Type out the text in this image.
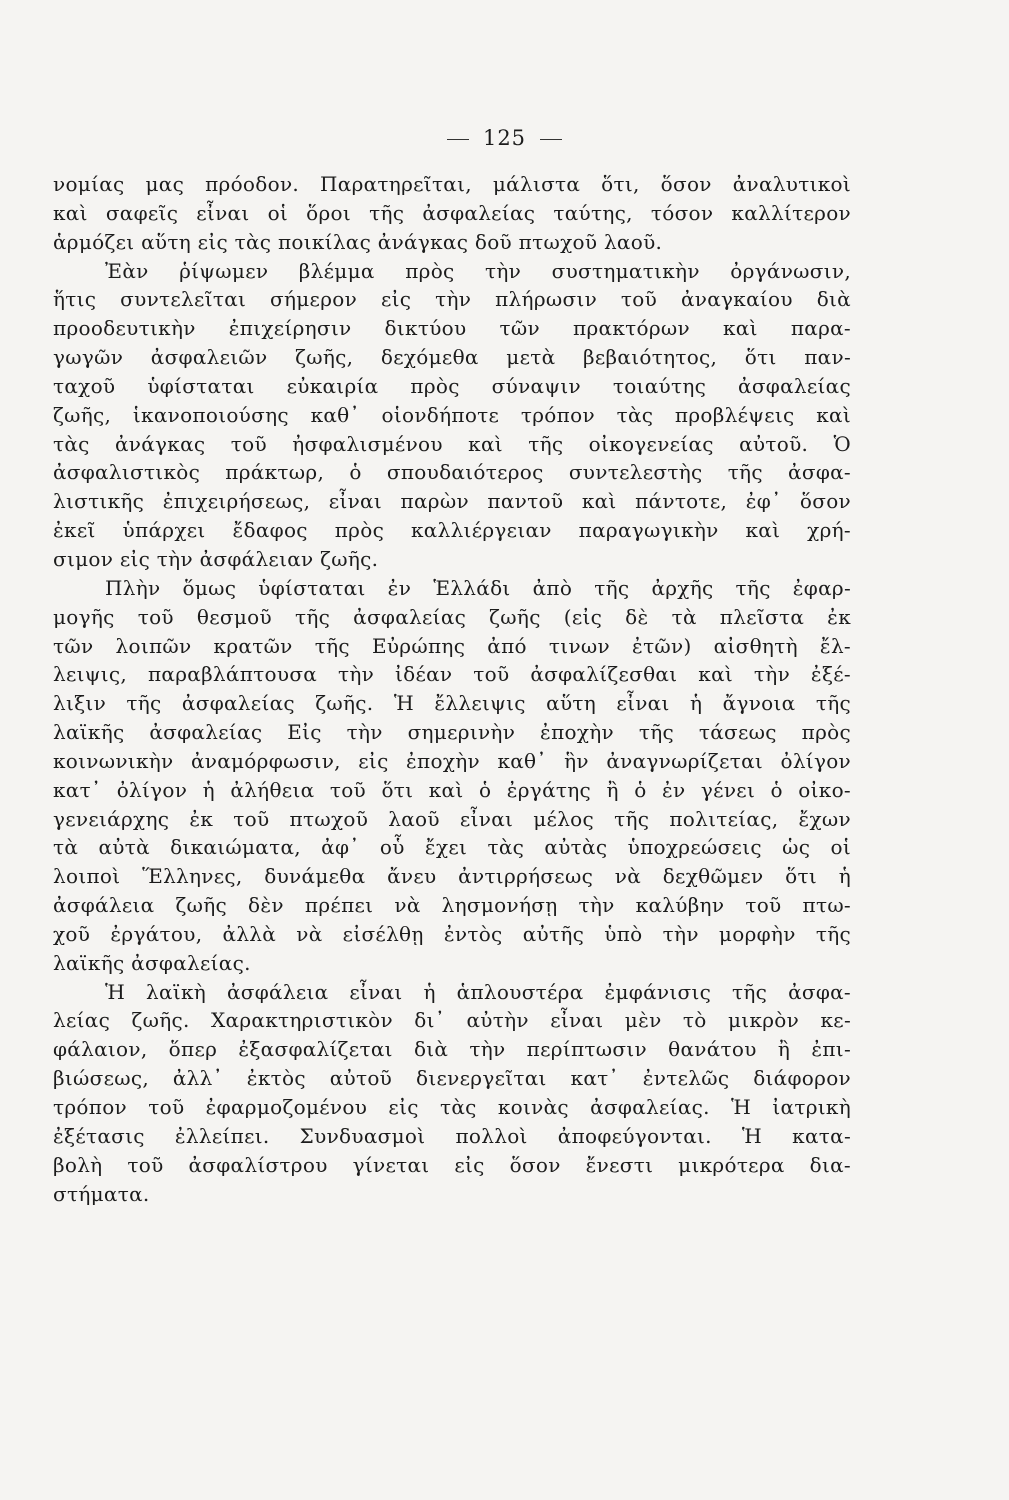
125
νομίας μας πρόοδον. Παρατηρεῖται, μάλιστα ὅτι, ὅσον ἀναλυτικοὶ
καὶ σαφεῖς εἶναι οἱ ὅροι τῆς ἀσφαλείας ταύτης, τόσον καλλίτερον
ἁρμόζει αὕτη εἰς τὰς ποικίλας ἀνάγκας δοῦ πτωχοῦ λαοῦ.
Ἐὰν ῥίψωμεν βλέμμα πρὸς τὴν συστηματικὴν ὀργάνωσιν,
ἥτις συντελεῖται σήμερον εἰς τὴν πλήρωσιν τοῦ ἀναγκαίου διὰ
προοδευτικὴν ἐπιχείρησιν δικτύου τῶν πρακτόρων καὶ παρα-
γωγῶν ἀσφαλειῶν ζωῆς, δεχόμεθα μετὰ βεβαιότητος, ὅτι παν-
ταχοῦ ὑφίσταται εὐκαιρία πρὸς σύναψιν τοιαύτης ἀσφαλείας
ζωῆς, ἱκανοποιούσης καθ᾽ οἱονδήποτε τρόπον τὰς προβλέψεις καὶ
τὰς ἀνάγκας τοῦ ἠσφαλισμένου καὶ τῆς οἰκογενείας αὐτοῦ. Ὁ
ἀσφαλιστικὸς πράκτωρ, ὁ σπουδαιότερος συντελεστὴς τῆς ἀσφα-
λιστικῆς ἐπιχειρήσεως, εἶναι παρὼν παντοῦ καὶ πάντοτε, ἐφ᾽ ὅσον
ἐκεῖ ὑπάρχει ἔδαφος πρὸς καλλιέργειαν παραγωγικὴν καὶ χρή-
σιμον εἰς τὴν ἀσφάλειαν ζωῆς.
Πλὴν ὅμως ὑφίσταται ἐν Ἑλλάδι ἀπὸ τῆς ἀρχῆς τῆς ἐφαρ-
μογῆς τοῦ θεσμοῦ τῆς ἀσφαλείας ζωῆς (εἰς δὲ τὰ πλεῖστα ἐκ
τῶν λοιπῶν κρατῶν τῆς Εὐρώπης ἀπό τινων ἐτῶν) αἰσθητὴ ἔλ-
λειψις, παραβλάπτουσα τὴν ἰδέαν τοῦ ἀσφαλίζεσθαι καὶ τὴν ἐξέ-
λιξιν τῆς ἀσφαλείας ζωῆς. Ἡ ἔλλειψις αὕτη εἶναι ἡ ἄγνοια τῆς
λαϊκῆς ἀσφαλείας Εἰς τὴν σημερινὴν ἐποχὴν τῆς τάσεως πρὸς
κοινωνικὴν ἀναμόρφωσιν, εἰς ἐποχὴν καθ᾽ ἣν ἀναγνωρίζεται ὀλίγον
κατ᾽ ὀλίγον ἡ ἀλήθεια τοῦ ὅτι καὶ ὁ ἐργάτης ἢ ὁ ἐν γένει ὁ οἰκο-
γενειάρχης ἐκ τοῦ πτωχοῦ λαοῦ εἶναι μέλος τῆς πολιτείας, ἔχων
τὰ αὐτὰ δικαιώματα, ἀφ᾽ οὗ ἔχει τὰς αὐτὰς ὑποχρεώσεις ὡς οἱ
λοιποὶ Ἕλληνες, δυνάμεθα ἄνευ ἀντιρρήσεως νὰ δεχθῶμεν ὅτι ἡ
ἀσφάλεια ζωῆς δὲν πρέπει νὰ λησμονήσῃ τὴν καλύβην τοῦ πτω-
χοῦ ἐργάτου, ἀλλὰ νὰ εἰσέλθῃ ἐντὸς αὐτῆς ὑπὸ τὴν μορφὴν τῆς
λαϊκῆς ἀσφαλείας.
Ἡ λαϊκὴ ἀσφάλεια εἶναι ἡ ἁπλουστέρα ἐμφάνισις τῆς ἀσφα-
λείας ζωῆς. Χαρακτηριστικὸν δι᾽ αὐτὴν εἶναι μὲν τὸ μικρὸν κε-
φάλαιον, ὅπερ ἐξασφαλίζεται διὰ τὴν περίπτωσιν θανάτου ἢ ἐπι-
βιώσεως, ἀλλ᾽ ἐκτὸς αὐτοῦ διενεργεῖται κατ᾽ ἐντελῶς διάφορον
τρόπον τοῦ ἐφαρμοζομένου εἰς τὰς κοινὰς ἀσφαλείας. Ἡ ἰατρικὴ
ἐξέτασις ἐλλείπει. Συνδυασμοὶ πολλοὶ ἀποφεύγονται. Ἡ κατα-
βολὴ τοῦ ἀσφαλίστρου γίνεται εἰς ὅσον ἔνεστι μικρότερα δια-
στήματα.
